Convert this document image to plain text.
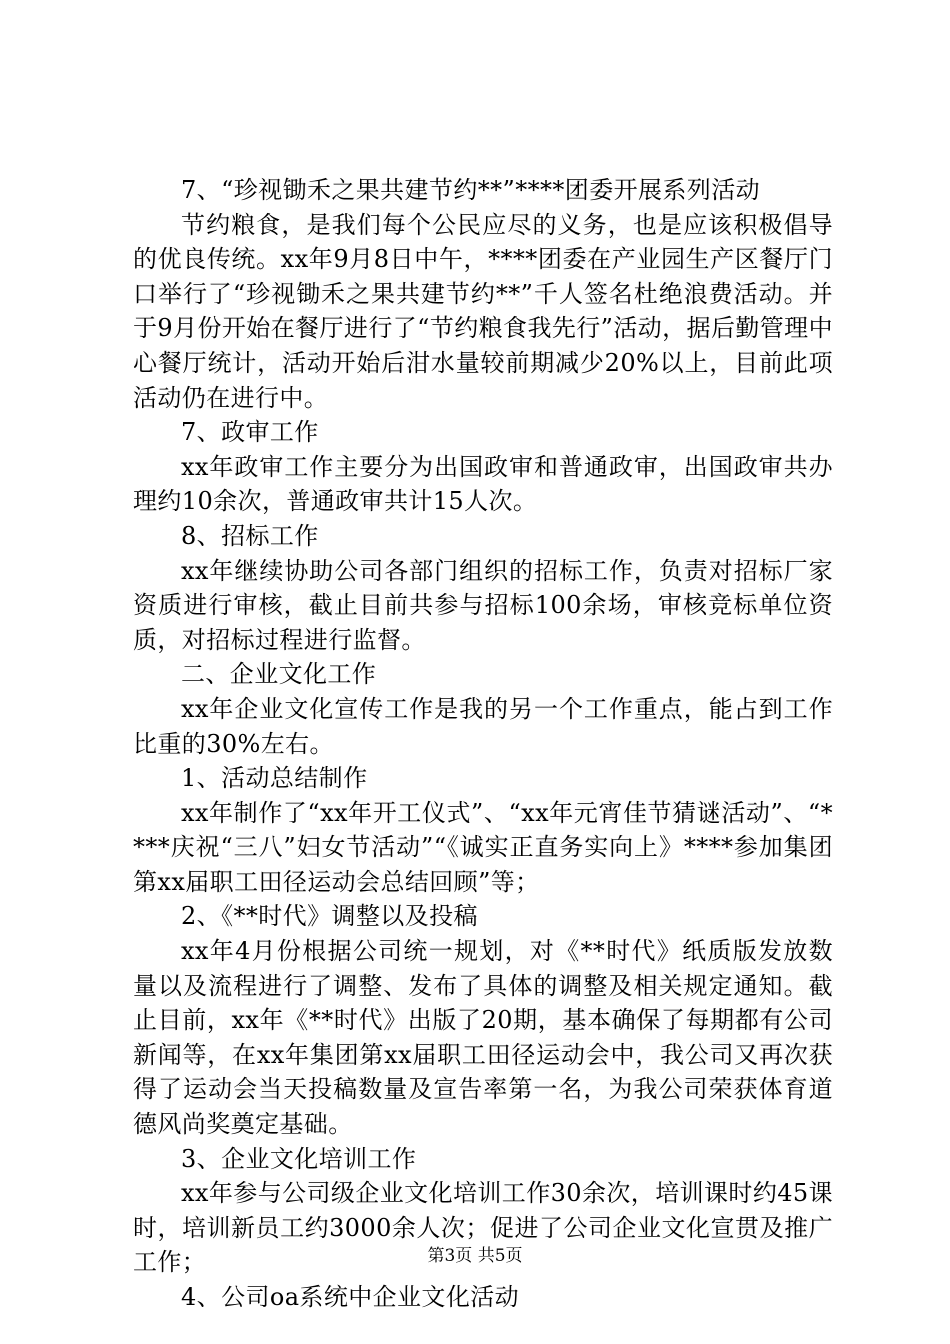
7、“珍视锄禾之果共建节约**”****团委开展系列活动

节约粮食，是我们每个公民应尽的义务，也是应该积极倡导的优良传统。xx年9月8日中午，****团委在产业园生产区餐厅门口举行了“珍视锄禾之果共建节约**”千人签名杜绝浪费活动。并于9月份开始在餐厅进行了“节约粮食我先行”活动，据后勤管理中心餐厅统计，活动开始后泔水量较前期减少20%以上，目前此项活动仍在进行中。

7、政审工作

xx年政审工作主要分为出国政审和普通政审，出国政审共办理约10余次，普通政审共计15人次。

8、招标工作

xx年继续协助公司各部门组织的招标工作，负责对招标厂家资质进行审核，截止目前共参与招标100余场，审核竞标单位资质，对招标过程进行监督。

二、企业文化工作

xx年企业文化宣传工作是我的另一个工作重点，能占到工作比重的30%左右。

1、活动总结制作

xx年制作了“xx年开工仪式”、“xx年元宵佳节猜谜活动”、“****庆祝“三八”妇女节活动”“《诚实正直务实向上》****参加集团第xx届职工田径运动会总结回顾”等；

2、《**时代》调整以及投稿

xx年4月份根据公司统一规划，对《**时代》纸质版发放数量以及流程进行了调整、发布了具体的调整及相关规定通知。截止目前，xx年《**时代》出版了20期，基本确保了每期都有公司新闻等，在xx年集团第xx届职工田径运动会中，我公司又再次获得了运动会当天投稿数量及宣告率第一名，为我公司荣获体育道德风尚奖奠定基础。

3、企业文化培训工作

xx年参与公司级企业文化培训工作30余次，培训课时约45课时，培训新员工约3000余人次；促进了公司企业文化宣贯及推广工作；

4、公司oa系统中企业文化活动

第3页 共5页
